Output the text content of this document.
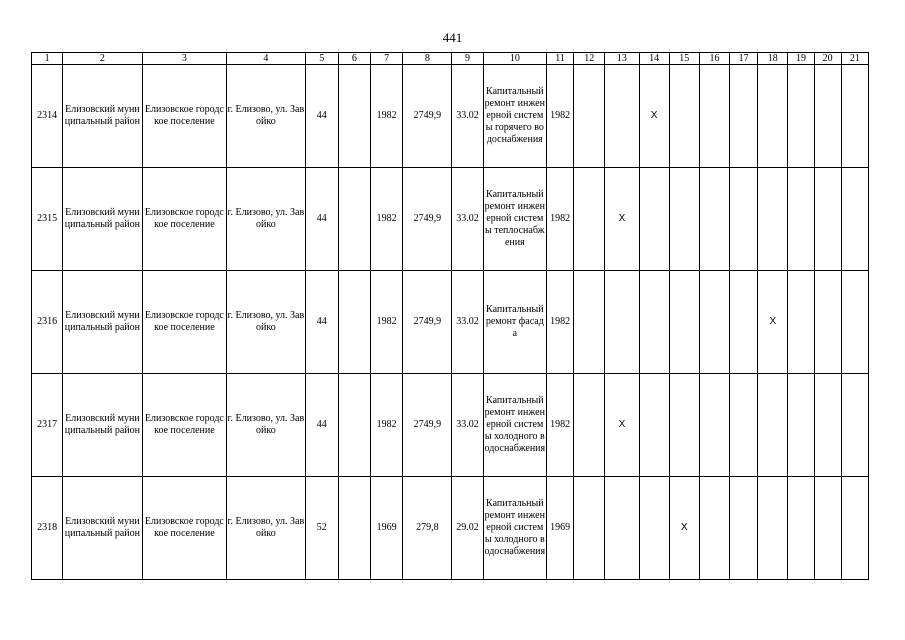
441
1	2	3	4	5	6	7	8	9	10	11	12	13	14	15	16	17	18	19	20	21
2314	Елизовский муниципальный район	Елизовское городское поселение	г. Елизово, ул. Завойко	44		1982	2749,9	33.02	Капитальный ремонт инженерной системы горячего водоснабжения	1982			X							
2315	Елизовский муниципальный район	Елизовское городское поселение	г. Елизово, ул. Завойко	44		1982	2749,9	33.02	Капитальный ремонт инженерной системы теплоснабжения	1982		X								
2316	Елизовский муниципальный район	Елизовское городское поселение	г. Елизово, ул. Завойко	44		1982	2749,9	33.02	Капитальный ремонт фасада	1982							X			
2317	Елизовский муниципальный район	Елизовское городское поселение	г. Елизово, ул. Завойко	44		1982	2749,9	33.02	Капитальный ремонт инженерной системы холодного водоснабжения	1982		X								
2318	Елизовский муниципальный район	Елизовское городское поселение	г. Елизово, ул. Завойко	52		1969	279,8	29.02	Капитальный ремонт инженерной системы холодного водоснабжения	1969				X						
